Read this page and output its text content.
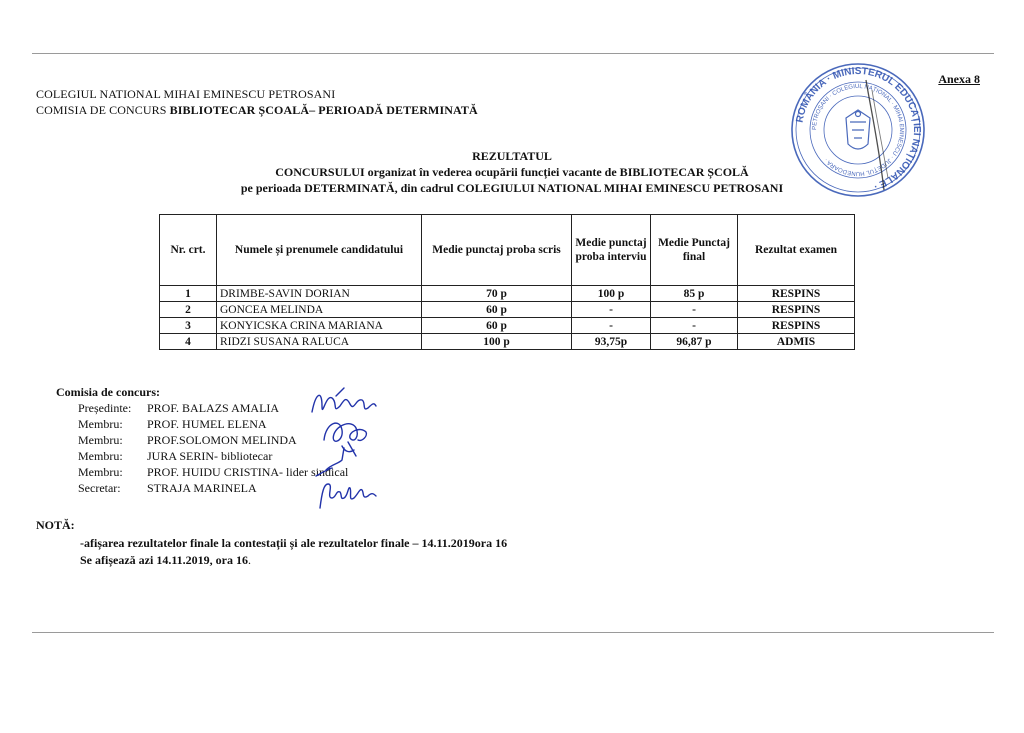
Anexa 8
COLEGIUL NATIONAL MIHAI EMINESCU PETROSANI
COMISIA DE CONCURS BIBLIOTECAR ȘCOALĂ– PERIOADĂ DETERMINATĂ
ROMÂNIA · MINISTERUL EDUCAȚIEI NAȚIONALE ·
PETROȘANI · COLEGIUL NAȚIONAL · MIHAI EMINESCU · JUDEȚUL HUNEDOARA ·
REZULTATUL
CONCURSULUI organizat în vederea ocupării funcției vacante de BIBLIOTECAR ȘCOLĂ
pe perioada DETERMINATĂ, din cadrul COLEGIULUI NATIONAL MIHAI EMINESCU PETROSANI
Nr. crt.	Numele și prenumele candidatului	Medie punctaj proba scris	Medie punctaj proba interviu	Medie Punctaj final	Rezultat examen
1	DRIMBE-SAVIN DORIAN	70 p	100 p	85 p	RESPINS
2	GONCEA MELINDA	60 p	-	-	RESPINS
3	KONYICSKA CRINA MARIANA	60 p	-	-	RESPINS
4	RIDZI SUSANA RALUCA	100 p	93,75p	96,87 p	ADMIS
Comisia de concurs:
Președinte: PROF. BALAZS AMALIA
Membru: PROF. HUMEL ELENA
Membru: PROF.SOLOMON MELINDA
Membru: JURA SERIN- bibliotecar
Membru: PROF. HUIDU CRISTINA- lider sindical
Secretar: STRAJA MARINELA
NOTĂ:
-afișarea rezultatelor finale la contestații și ale rezultatelor finale – 14.11.2019ora 16
Se afișează azi 14.11.2019, ora 16.
